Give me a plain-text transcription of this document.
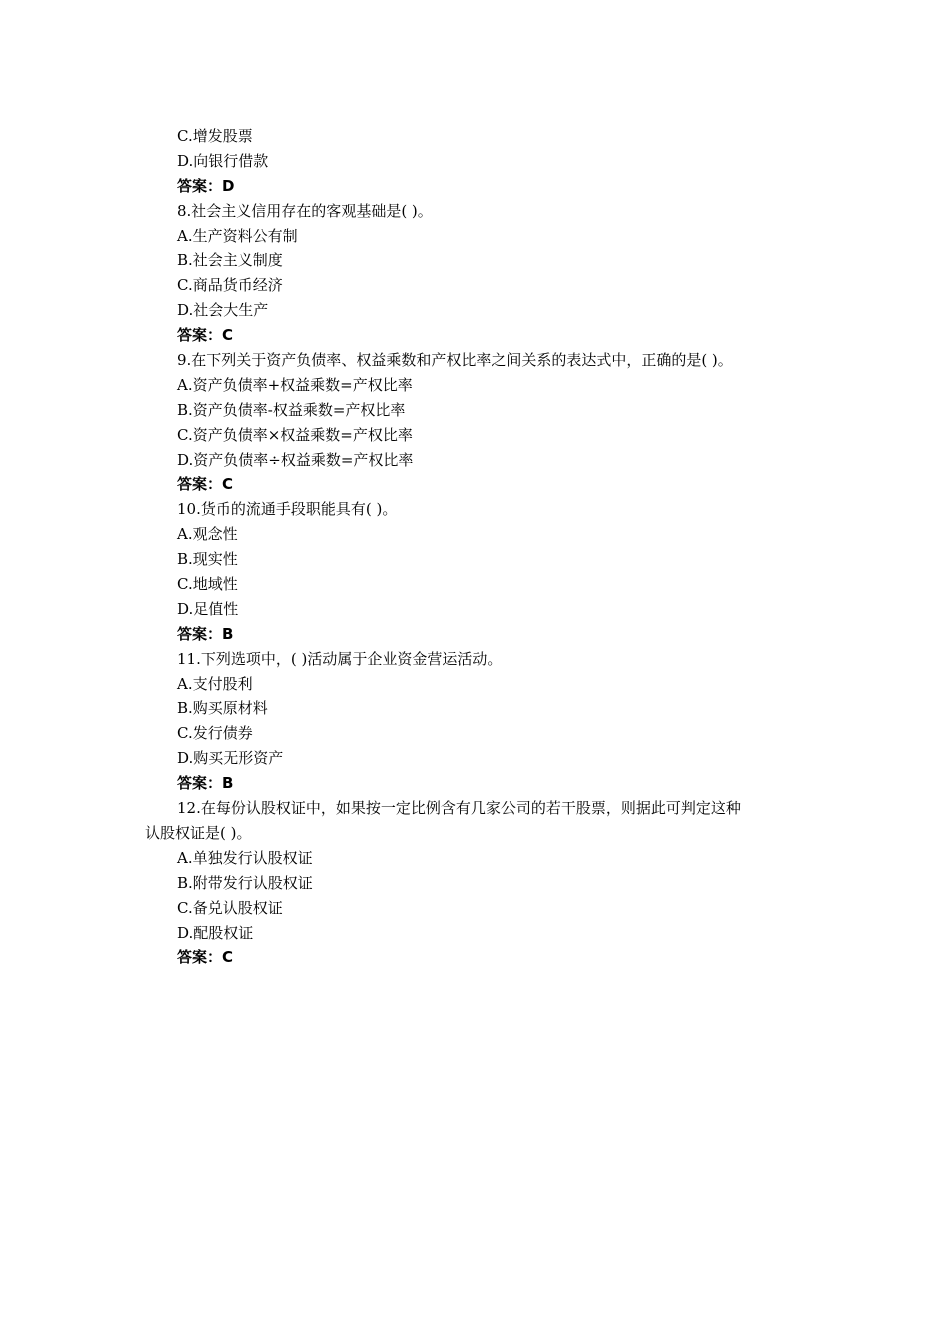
C.增发股票
D.向银行借款
答案：D
8.社会主义信用存在的客观基础是( )。
A.生产资料公有制
B.社会主义制度
C.商品货币经济
D.社会大生产
答案：C
9.在下列关于资产负债率、权益乘数和产权比率之间关系的表达式中，正确的是( )。
A.资产负债率+权益乘数=产权比率
B.资产负债率-权益乘数=产权比率
C.资产负债率×权益乘数=产权比率
D.资产负债率÷权益乘数=产权比率
答案：C
10.货币的流通手段职能具有( )。
A.观念性
B.现实性
C.地域性
D.足值性
答案：B
11.下列选项中，( )活动属于企业资金营运活动。
A.支付股利
B.购买原材料
C.发行债券
D.购买无形资产
答案：B
12.在每份认股权证中，如果按一定比例含有几家公司的若干股票，则据此可判定这种
认股权证是( )。
A.单独发行认股权证
B.附带发行认股权证
C.备兑认股权证
D.配股权证
答案：C
